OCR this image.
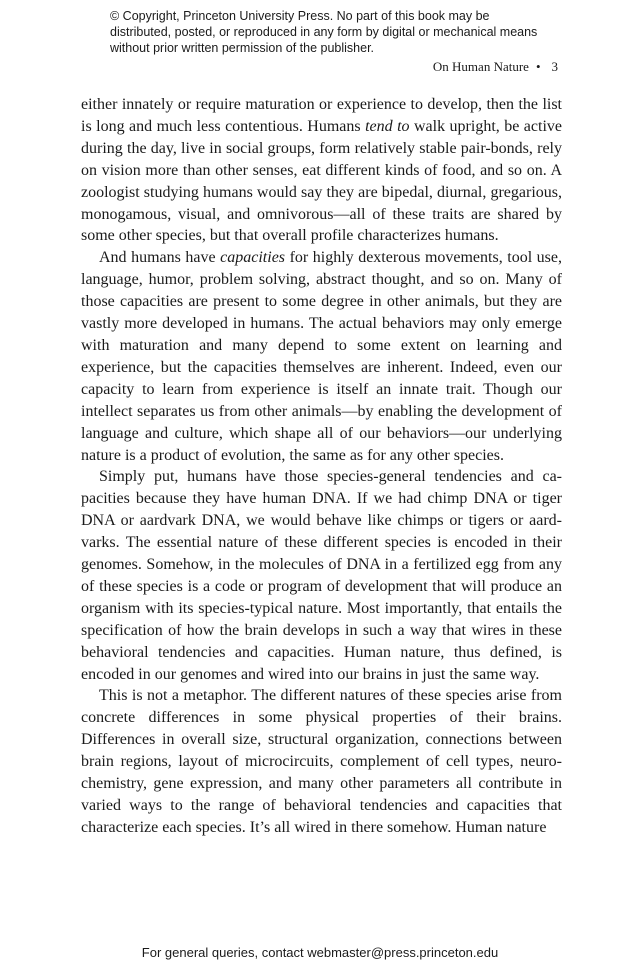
© Copyright, Princeton University Press. No part of this book may be distributed, posted, or reproduced in any form by digital or mechanical means without prior written permission of the publisher.
On Human Nature • 3

either innately or require maturation or experience to develop, then the list is long and much less contentious. Humans tend to walk upright, be active during the day, live in social groups, form relatively stable pair-bonds, rely on vision more than other senses, eat different kinds of food, and so on. A zoologist studying humans would say they are bipedal, diurnal, gregarious, monogamous, visual, and omnivorous—all of these traits are shared by some other species, but that overall profile characterizes humans.

And humans have capacities for highly dexterous movements, tool use, language, humor, problem solving, abstract thought, and so on. Many of those capacities are present to some degree in other animals, but they are vastly more developed in humans. The actual behaviors may only emerge with maturation and many depend to some extent on learning and experience, but the capacities themselves are inherent. Indeed, even our capacity to learn from experience is itself an innate trait. Though our intellect separates us from other animals—by enabling the development of language and culture, which shape all of our behaviors—our underlying nature is a product of evolution, the same as for any other species.

Simply put, humans have those species-general tendencies and capacities because they have human DNA. If we had chimp DNA or tiger DNA or aardvark DNA, we would behave like chimps or tigers or aardvarks. The essential nature of these different species is encoded in their genomes. Somehow, in the molecules of DNA in a fertilized egg from any of these species is a code or program of development that will produce an organism with its species-typical nature. Most importantly, that entails the specification of how the brain develops in such a way that wires in these behavioral tendencies and capacities. Human nature, thus defined, is encoded in our genomes and wired into our brains in just the same way.

This is not a metaphor. The different natures of these species arise from concrete differences in some physical properties of their brains. Differences in overall size, structural organization, connections between brain regions, layout of microcircuits, complement of cell types, neurochemistry, gene expression, and many other parameters all contribute in varied ways to the range of behavioral tendencies and capacities that characterize each species. It’s all wired in there somehow. Human nature

For general queries, contact webmaster@press.princeton.edu
